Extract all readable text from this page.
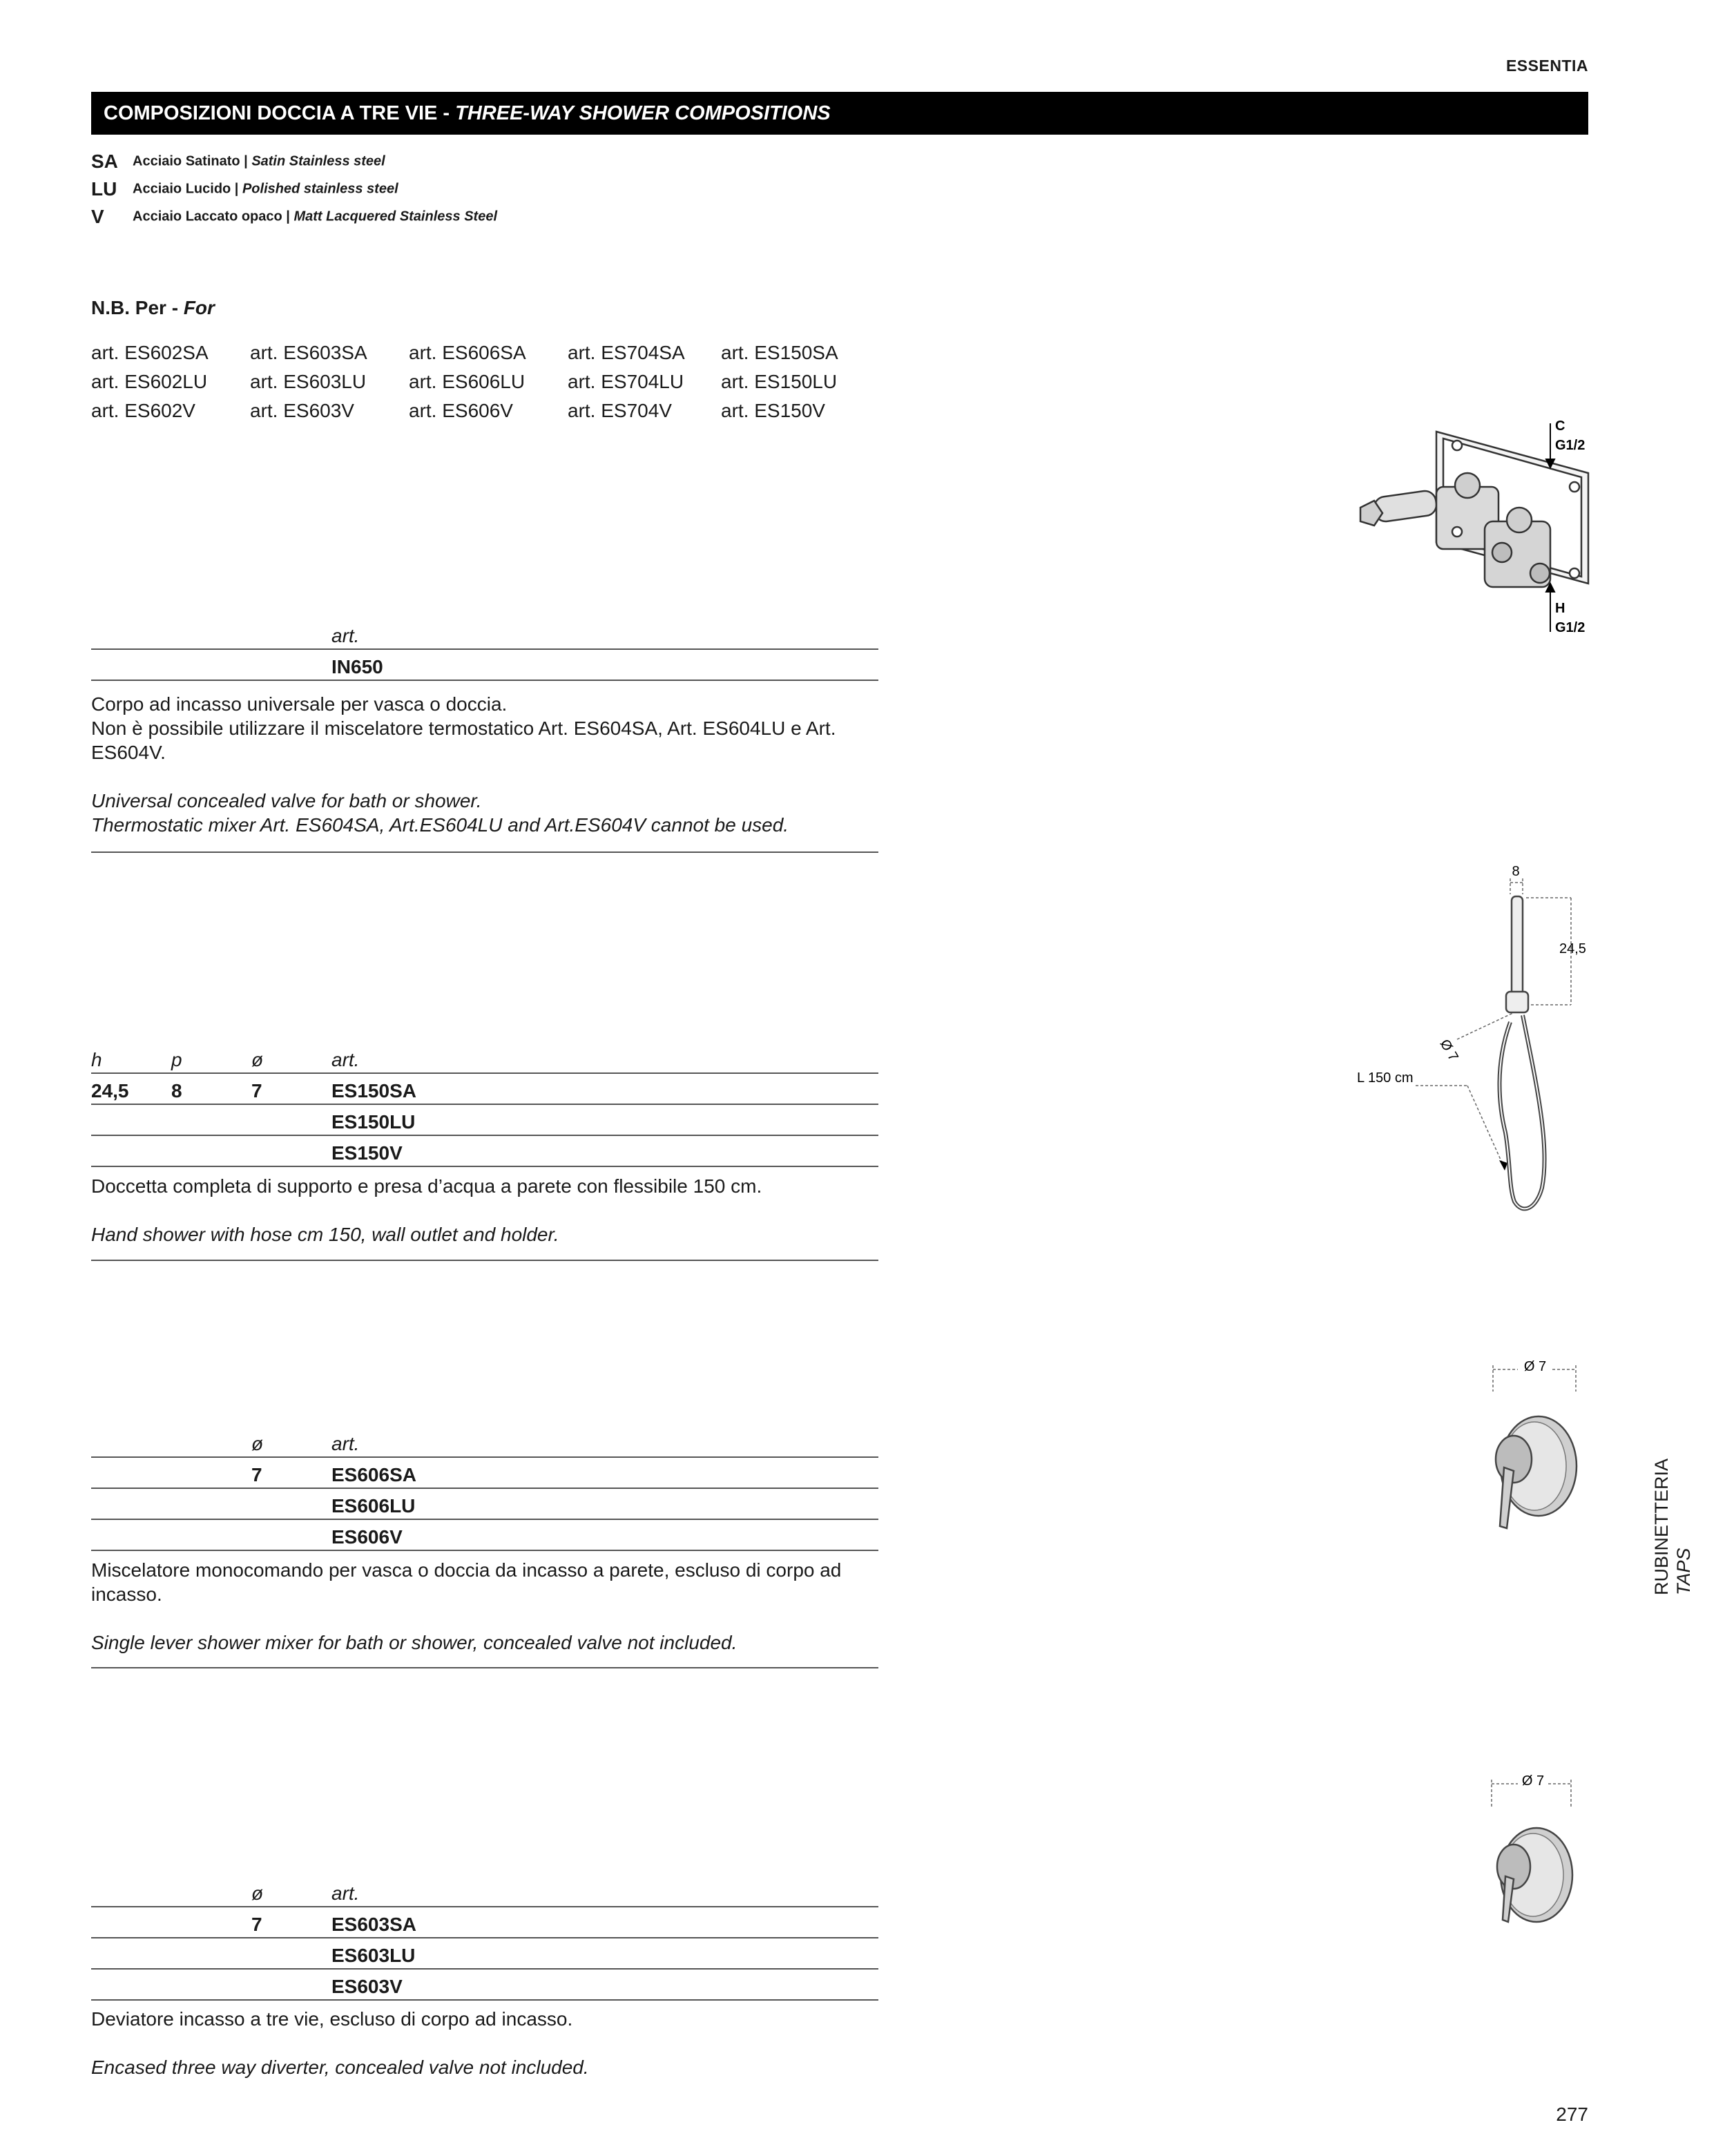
ESSENTIA
COMPOSIZIONI DOCCIA A TRE VIE - THREE-WAY SHOWER COMPOSITIONS
SA Acciaio Satinato | Satin Stainless steel
LU Acciaio Lucido | Polished stainless steel
V Acciaio Laccato opaco | Matt Lacquered Stainless Steel
N.B. Per - For
art. ES602SA	art. ES603SA	art. ES606SA	art. ES704SA	art. ES150SA
art. ES602LU	art. ES603LU	art. ES606LU	art. ES704LU	art. ES150LU
art. ES602V	art. ES603V	art. ES606V	art. ES704V	art. ES150V
			art.
			IN650

Corpo ad incasso universale per vasca o doccia.
Non è possibile utilizzare il miscelatore termostatico Art. ES604SA, Art. ES604LU e Art. ES604V.

Universal concealed valve for bath or shower.
Thermostatic mixer Art. ES604SA, Art.ES604LU and Art.ES604V cannot be used.

h	p	ø	art.
24,5	8	7	ES150SA
			ES150LU
			ES150V

Doccetta completa di supporto e presa d’acqua a parete con flessibile 150 cm.

Hand shower with hose cm 150, wall outlet and holder.

		ø	art.
		7	ES606SA
			ES606LU
			ES606V

Miscelatore monocomando per vasca o doccia da incasso a parete, escluso di corpo ad incasso.

Single lever shower mixer for bath or shower, concealed valve not included.

		ø	art.
		7	ES603SA
			ES603LU
			ES603V

Deviatore incasso a tre vie, escluso di corpo ad incasso.

Encased three way diverter, concealed valve not included.

C
G1/2
H
G1/2
8
24,5
Ø 7
L 150 cm
Ø 7
Ø 7
RUBINETTERIA TAPS
277
